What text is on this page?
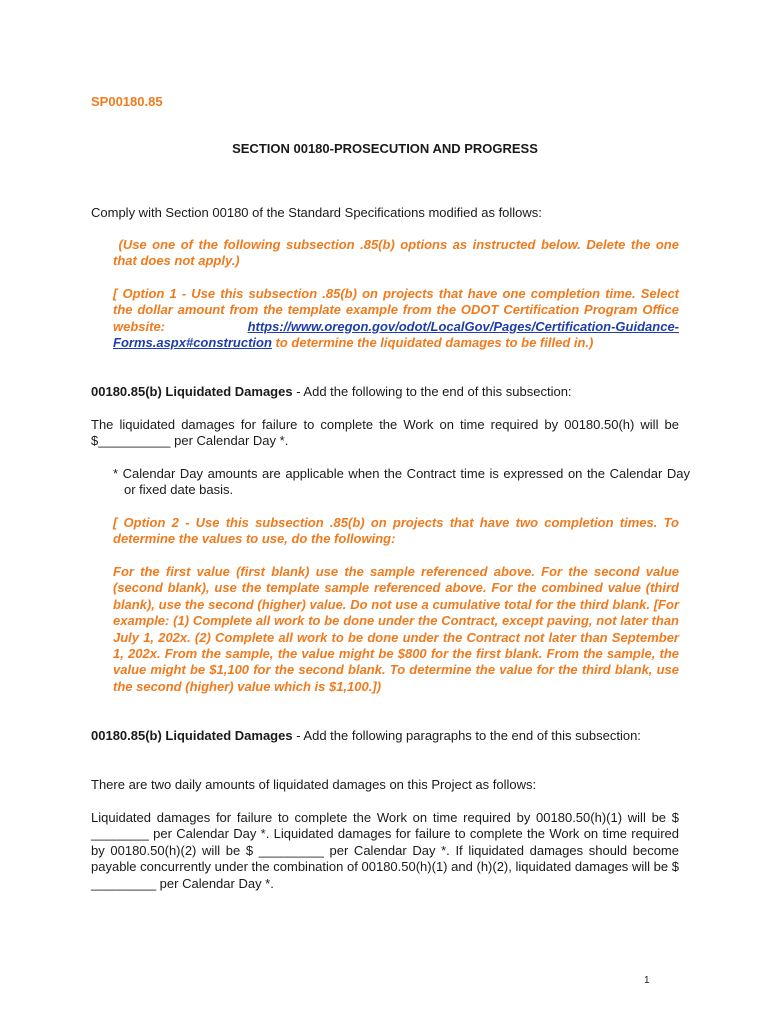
SP00180.85

SECTION 00180-PROSECUTION AND PROGRESS

Comply with Section 00180 of the Standard Specifications modified as follows:

(Use one of the following subsection .85(b) options as instructed below. Delete the one that does not apply.)

[ Option 1 - Use this subsection .85(b) on projects that have one completion time. Select the dollar amount from the template example from the ODOT Certification Program Office website: https://www.oregon.gov/odot/LocalGov/Pages/Certification-Guidance-Forms.aspx#construction to determine the liquidated damages to be filled in.)

00180.85(b) Liquidated Damages - Add the following to the end of this subsection:

The liquidated damages for failure to complete the Work on time required by 00180.50(h) will be $__________ per Calendar Day *.

* Calendar Day amounts are applicable when the Contract time is expressed on the Calendar Day or fixed date basis.

[ Option 2 - Use this subsection .85(b) on projects that have two completion times. To determine the values to use, do the following:

For the first value (first blank) use the sample referenced above. For the second value (second blank), use the template sample referenced above. For the combined value (third blank), use the second (higher) value. Do not use a cumulative total for the third blank. [For example: (1) Complete all work to be done under the Contract, except paving, not later than July 1, 202x. (2) Complete all work to be done under the Contract not later than September 1, 202x. From the sample, the value might be $800 for the first blank. From the sample, the value might be $1,100 for the second blank. To determine the value for the third blank, use the second (higher) value which is $1,100.])

00180.85(b) Liquidated Damages - Add the following paragraphs to the end of this subsection:

There are two daily amounts of liquidated damages on this Project as follows:

Liquidated damages for failure to complete the Work on time required by 00180.50(h)(1) will be $ ________ per Calendar Day *. Liquidated damages for failure to complete the Work on time required by 00180.50(h)(2) will be $ _________ per Calendar Day *. If liquidated damages should become payable concurrently under the combination of 00180.50(h)(1) and (h)(2), liquidated damages will be $ _________ per Calendar Day *.

1
